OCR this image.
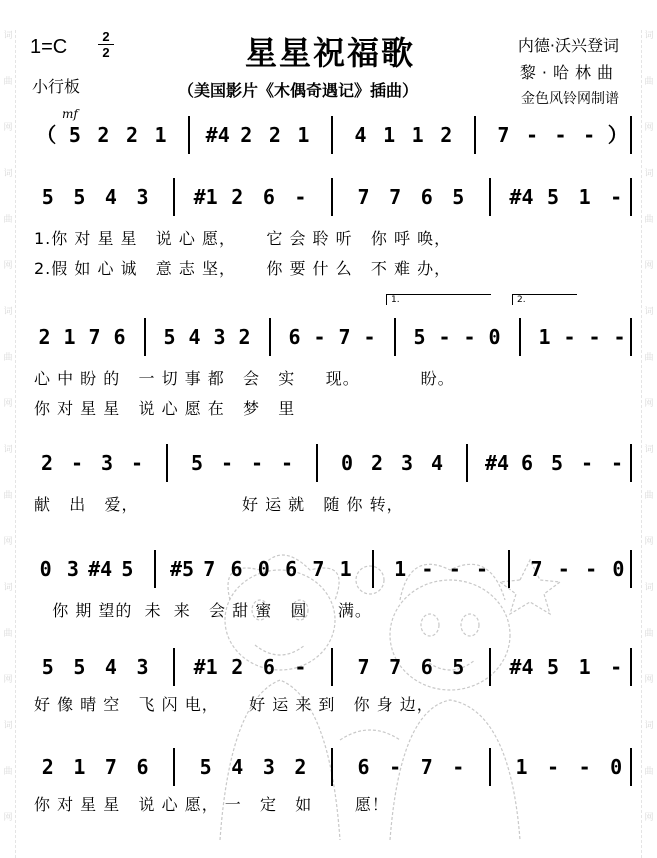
词
曲
网
词
曲
网
词
曲
网
词
曲
网
词
曲
网
词
曲
网
词
曲
网
词
曲
网
词
曲
网
词
曲
网
词
曲
网
词
曲
网
1=C	2
2	星星祝福歌
小行板	（美国影片《木偶奇遇记》插曲）
内德·沃兴登词
黎·哈林曲
金色风铃网制谱
mf
（ 5 2 2 1	#4 2 2 1	4 1 1 2	7 - - - ）
5 5 4 3	#1 2 6 -	7 7 6 5	#4 5 1 -
1.你 对 星 星   说 心 愿，     它 会 聆 听   你 呼 唤，
2.假 如 心 诚   意 志 坚，     你 要 什 么   不 难 办，
1.	2.
2 1 7 6	5 4 3 2	6 - 7 -	5 - - 0	1 - - -
心 中 盼 的   一 切 事 都   会   实     现。          盼。
你 对 星 星   说 心 愿 在   梦   里
2 - 3 -	5 - - -	0 2 3 4	#4 6 5 - -
献   出   爱，                 好 运 就   随 你 转，
0 3 #4 5	#5 7 6 0 6 7 1	1 - - -	7 - - 0
你 期 望的  未  来   会 甜 蜜   圆     满。
5 5 4 3	#1 2 6 -	7 7 6 5	#4 5 1 -
好 像 晴 空   飞 闪 电，     好 运 来 到   你 身 边，
2 1 7 6	5 4 3 2	6 - 7 -	1 - - 0
你 对 星 星   说 心 愿， 一   定   如       愿！
